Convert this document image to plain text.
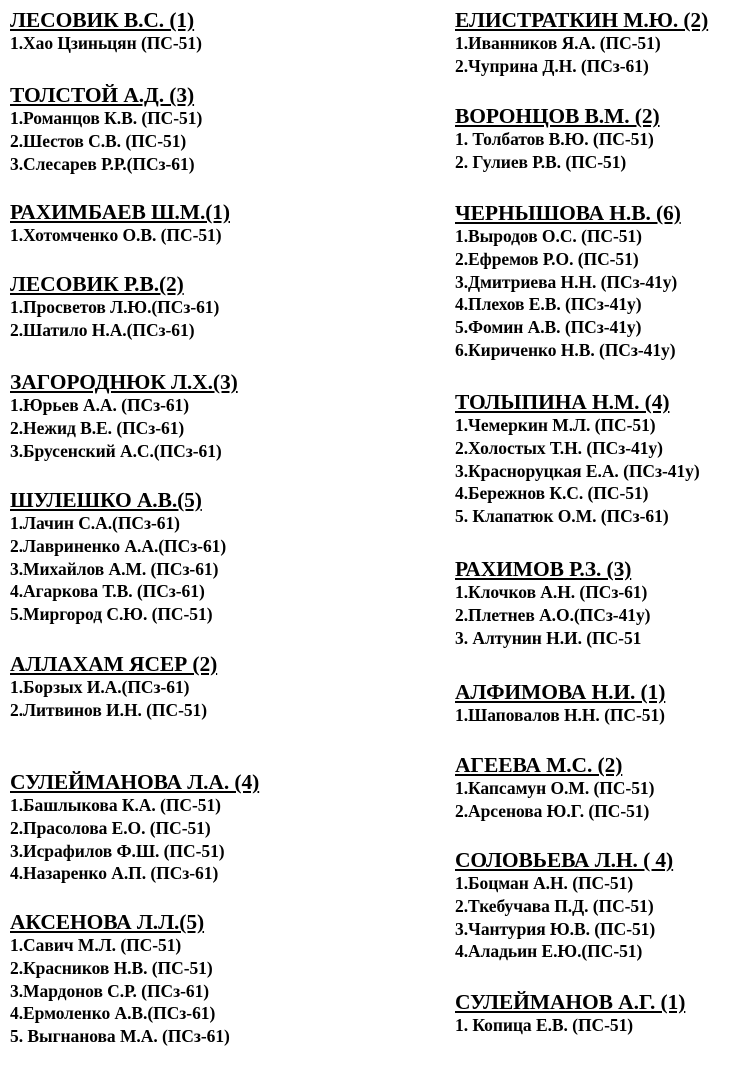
ЛЕСОВИК В.С. (1)
1.Хао Цзиньцян (ПС-51)
ТОЛСТОЙ А.Д. (3)
1.Романцов К.В. (ПС-51)
2.Шестов С.В. (ПС-51)
3.Слесарев Р.Р.(ПСз-61)
РАХИМБАЕВ Ш.М.(1)
1.Хотомченко О.В. (ПС-51)
ЛЕСОВИК Р.В.(2)
1.Просветов Л.Ю.(ПСз-61)
2.Шатило Н.А.(ПСз-61)
ЗАГОРОДНЮК Л.Х.(3)
1.Юрьев А.А. (ПСз-61)
2.Нежид В.Е. (ПСз-61)
3.Брусенский А.С.(ПСз-61)
ШУЛЕШКО А.В.(5)
1.Лачин С.А.(ПСз-61)
2.Лавриненко А.А.(ПСз-61)
3.Михайлов А.М. (ПСз-61)
4.Агаркова Т.В. (ПСз-61)
5.Миргород С.Ю. (ПС-51)
АЛЛАХАМ ЯСЕР (2)
1.Борзых И.А.(ПСз-61)
2.Литвинов И.Н. (ПС-51)
СУЛЕЙМАНОВА Л.А. (4)
1.Башлыкова К.А. (ПС-51)
2.Прасолова Е.О. (ПС-51)
3.Исрафилов Ф.Ш. (ПС-51)
4.Назаренко А.П. (ПСз-61)
АКСЕНОВА Л.Л.(5)
1.Савич М.Л. (ПС-51)
2.Красников Н.В. (ПС-51)
3.Мардонов С.Р. (ПСз-61)
4.Ермоленко А.В.(ПСз-61)
5. Выгнанова М.А. (ПСз-61)
ЕЛИСТРАТКИН М.Ю. (2)
1.Иванников Я.А. (ПС-51)
2.Чуприна Д.Н. (ПСз-61)
ВОРОНЦОВ В.М. (2)
1. Толбатов В.Ю. (ПС-51)
2. Гулиев Р.В. (ПС-51)
ЧЕРНЫШОВА Н.В. (6)
1.Выродов О.С. (ПС-51)
2.Ефремов Р.О. (ПС-51)
3.Дмитриева Н.Н. (ПСз-41у)
4.Плехов Е.В. (ПСз-41у)
5.Фомин А.В. (ПСз-41у)
6.Кириченко Н.В. (ПСз-41у)
ТОЛЫПИНА Н.М. (4)
1.Чемеркин М.Л. (ПС-51)
2.Холостых Т.Н. (ПСз-41у)
3.Красноруцкая Е.А. (ПСз-41у)
4.Бережнов К.С. (ПС-51)
5. Клапатюк О.М. (ПСз-61)
РАХИМОВ Р.З. (3)
1.Клочков А.Н. (ПСз-61)
2.Плетнев А.О.(ПСз-41у)
3. Алтунин Н.И. (ПС-51
АЛФИМОВА Н.И. (1)
1.Шаповалов Н.Н. (ПС-51)
АГЕЕВА М.С. (2)
1.Капсамун О.М. (ПС-51)
2.Арсенова Ю.Г. (ПС-51)
СОЛОВЬЕВА Л.Н. ( 4)
1.Боцман А.Н. (ПС-51)
2.Ткебучава П.Д. (ПС-51)
3.Чантурия Ю.В. (ПС-51)
4.Аладьин Е.Ю.(ПС-51)
СУЛЕЙМАНОВ А.Г. (1)
1. Копица Е.В. (ПС-51)
